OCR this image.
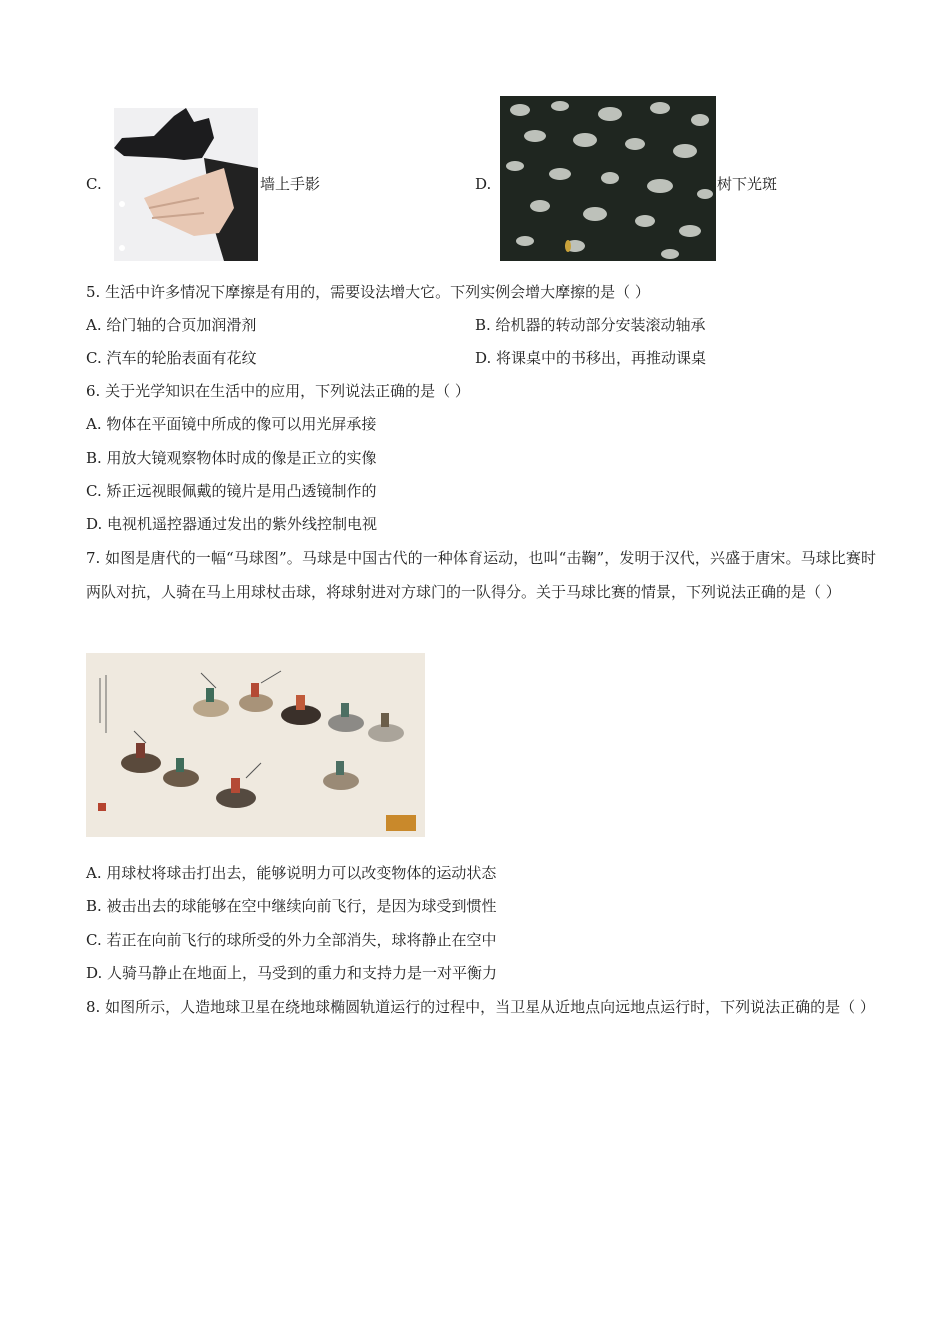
C.	墙上手影	D.	树下光斑
5. 生活中许多情况下摩擦是有用的，需要设法增大它。下列实例会增大摩擦的是（ ）
A. 给门轴的合页加润滑剂	B. 给机器的转动部分安装滚动轴承
C. 汽车的轮胎表面有花纹	D. 将课桌中的书移出，再推动课桌
6. 关于光学知识在生活中的应用，下列说法正确的是（ ）
A. 物体在平面镜中所成的像可以用光屏承接
B. 用放大镜观察物体时成的像是正立的实像
C. 矫正远视眼佩戴的镜片是用凸透镜制作的
D. 电视机遥控器通过发出的紫外线控制电视
7. 如图是唐代的一幅“马球图”。马球是中国古代的一种体育运动，也叫“击鞠”，发明于汉代，兴盛于唐宋。马球比赛时两队对抗，人骑在马上用球杖击球，将球射进对方球门的一队得分。关于马球比赛的情景，下列说法正确的是（ ）
A. 用球杖将球击打出去，能够说明力可以改变物体的运动状态
B. 被击出去的球能够在空中继续向前飞行，是因为球受到惯性
C. 若正在向前飞行的球所受的外力全部消失，球将静止在空中
D. 人骑马静止在地面上，马受到的重力和支持力是一对平衡力
8. 如图所示，人造地球卫星在绕地球椭圆轨道运行的过程中，当卫星从近地点向远地点运行时，下列说法正确的是（ ）
